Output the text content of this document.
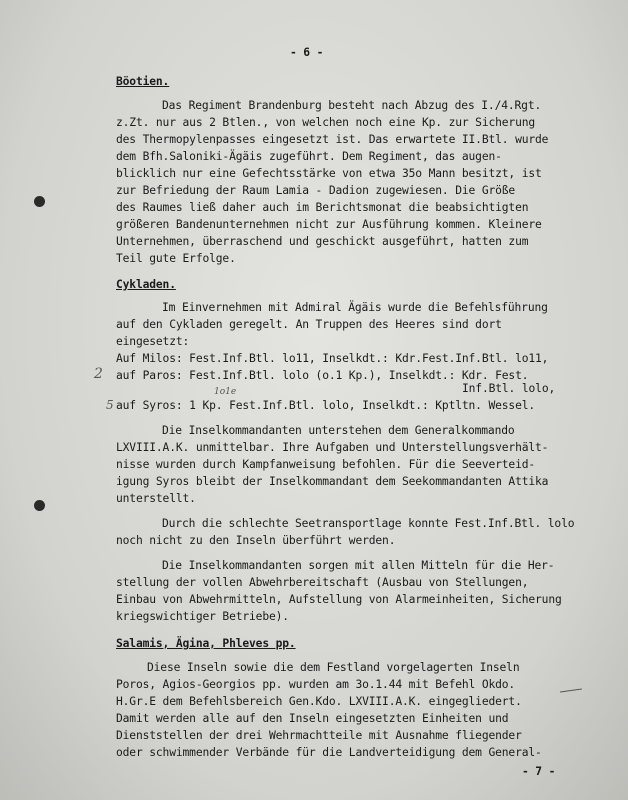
- 6 -
Böotien.
Das Regiment Brandenburg besteht nach Abzug des I./4.Rgt.
z.Zt. nur aus 2 Btlen., von welchen noch eine Kp. zur Sicherung
des Thermopylenpasses eingesetzt ist. Das erwartete II.Btl. wurde
dem Bfh.Saloniki-Ägäis zugeführt. Dem Regiment, das augen-
blicklich nur eine Gefechtsstärke von etwa 35o Mann besitzt, ist
zur Befriedung der Raum Lamia - Dadion zugewiesen. Die Größe
des Raumes ließ daher auch im Berichtsmonat die beabsichtigten
größeren Bandenunternehmen nicht zur Ausführung kommen. Kleinere
Unternehmen, überraschend und geschickt ausgeführt, hatten zum
Teil gute Erfolge.
Cykladen.
Im Einvernehmen mit Admiral Ägäis wurde die Befehlsführung
auf den Cykladen geregelt. An Truppen des Heeres sind dort
eingesetzt:
Auf Milos: Fest.Inf.Btl. lo11, Inselkdt.: Kdr.Fest.Inf.Btl. lo11,
auf Paros: Fest.Inf.Btl. lolo (o.1 Kp.), Inselkdt.: Kdr. Fest.
Inf.Btl. lolo,
auf Syros: 1 Kp. Fest.Inf.Btl. lolo, Inselkdt.: Kptltn. Wessel.
Die Inselkommandanten unterstehen dem Generalkommando
LXVIII.A.K. unmittelbar. Ihre Aufgaben und Unterstellungsverhält-
nisse wurden durch Kampfanweisung befohlen. Für die Seeverteid-
igung Syros bleibt der Inselkommandant dem Seekommandanten Attika
unterstellt.
Durch die schlechte Seetransportlage konnte Fest.Inf.Btl. lolo
noch nicht zu den Inseln überführt werden.
Die Inselkommandanten sorgen mit allen Mitteln für die Her-
stellung der vollen Abwehrbereitschaft (Ausbau von Stellungen,
Einbau von Abwehrmitteln, Aufstellung von Alarmeinheiten, Sicherung
kriegswichtiger Betriebe).
Salamis, Ägina, Phleves pp.
Diese Inseln sowie die dem Festland vorgelagerten Inseln
Poros, Agios-Georgios pp. wurden am 3o.1.44 mit Befehl Okdo.
H.Gr.E dem Befehlsbereich Gen.Kdo. LXVIII.A.K. eingegliedert.
Damit werden alle auf den Inseln eingesetzten Einheiten und
Dienststellen der drei Wehrmachtteile mit Ausnahme fliegender
oder schwimmender Verbände für die Landverteidigung dem General-
- 7 -
2
5
1o1e
